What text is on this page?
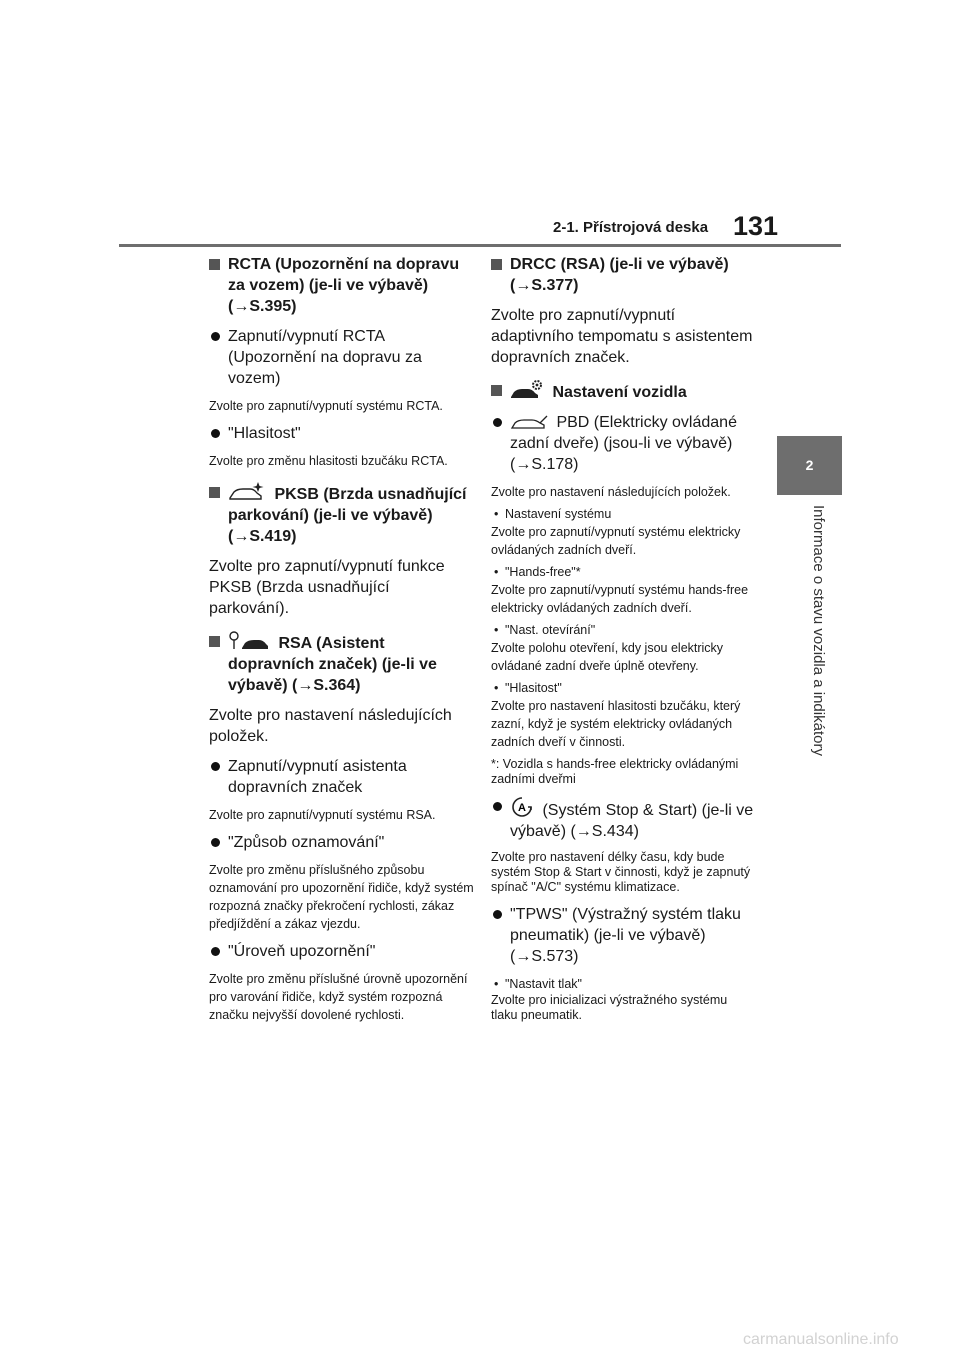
2-1. Přístrojová deska 131
2
Informace o stavu vozidla a indikátory
RCTA (Upozornění na dopravu za vozem) (je-li ve výbavě) (→S.395)
Zapnutí/vypnutí RCTA (Upozornění na dopravu za vozem)
Zvolte pro zapnutí/vypnutí systému RCTA.
"Hlasitost"
Zvolte pro změnu hlasitosti bzučáku RCTA.
PKSB (Brzda usnadňující parkování) (je-li ve výbavě) (→S.419)
Zvolte pro zapnutí/vypnutí funkce PKSB (Brzda usnadňující parkování).
RSA (Asistent dopravních značek) (je-li ve výbavě) (→S.364)
Zvolte pro nastavení následujících položek.
Zapnutí/vypnutí asistenta dopravních značek
Zvolte pro zapnutí/vypnutí systému RSA.
"Způsob oznamování"
Zvolte pro změnu příslušného způsobu oznamování pro upozornění řidiče, když systém rozpozná značky překročení rychlosti, zákaz předjíždění a zákaz vjezdu.
"Úroveň upozornění"
Zvolte pro změnu příslušné úrovně upozornění pro varování řidiče, když systém rozpozná značku nejvyšší dovolené rychlosti.
DRCC (RSA) (je-li ve výbavě) (→S.377)
Zvolte pro zapnutí/vypnutí adaptivního tempomatu s asistentem dopravních značek.
Nastavení vozidla
PBD (Elektricky ovládané zadní dveře) (jsou-li ve výbavě) (→S.178)
Zvolte pro nastavení následujících položek.
• Nastavení systému
Zvolte pro zapnutí/vypnutí systému elektricky ovládaných zadních dveří.
• "Hands-free"*
Zvolte pro zapnutí/vypnutí systému hands-free elektricky ovládaných zadních dveří.
• "Nast. otevírání"
Zvolte polohu otevření, kdy jsou elektricky ovládané zadní dveře úplně otevřeny.
• "Hlasitost"
Zvolte pro nastavení hlasitosti bzučáku, který zazní, když je systém elektricky ovládaných zadních dveří v činnosti.
*: Vozidla s hands-free elektricky ovládanými zadními dveřmi
A (Systém Stop & Start) (je-li ve výbavě) (→S.434)
Zvolte pro nastavení délky času, kdy bude systém Stop & Start v činnosti, když je zapnutý spínač "A/C" systému klimatizace.
"TPWS" (Výstražný systém tlaku pneumatik) (je-li ve výbavě) (→S.573)
• "Nastavit tlak"
Zvolte pro inicializaci výstražného systému tlaku pneumatik.
carmanualsonline.info
